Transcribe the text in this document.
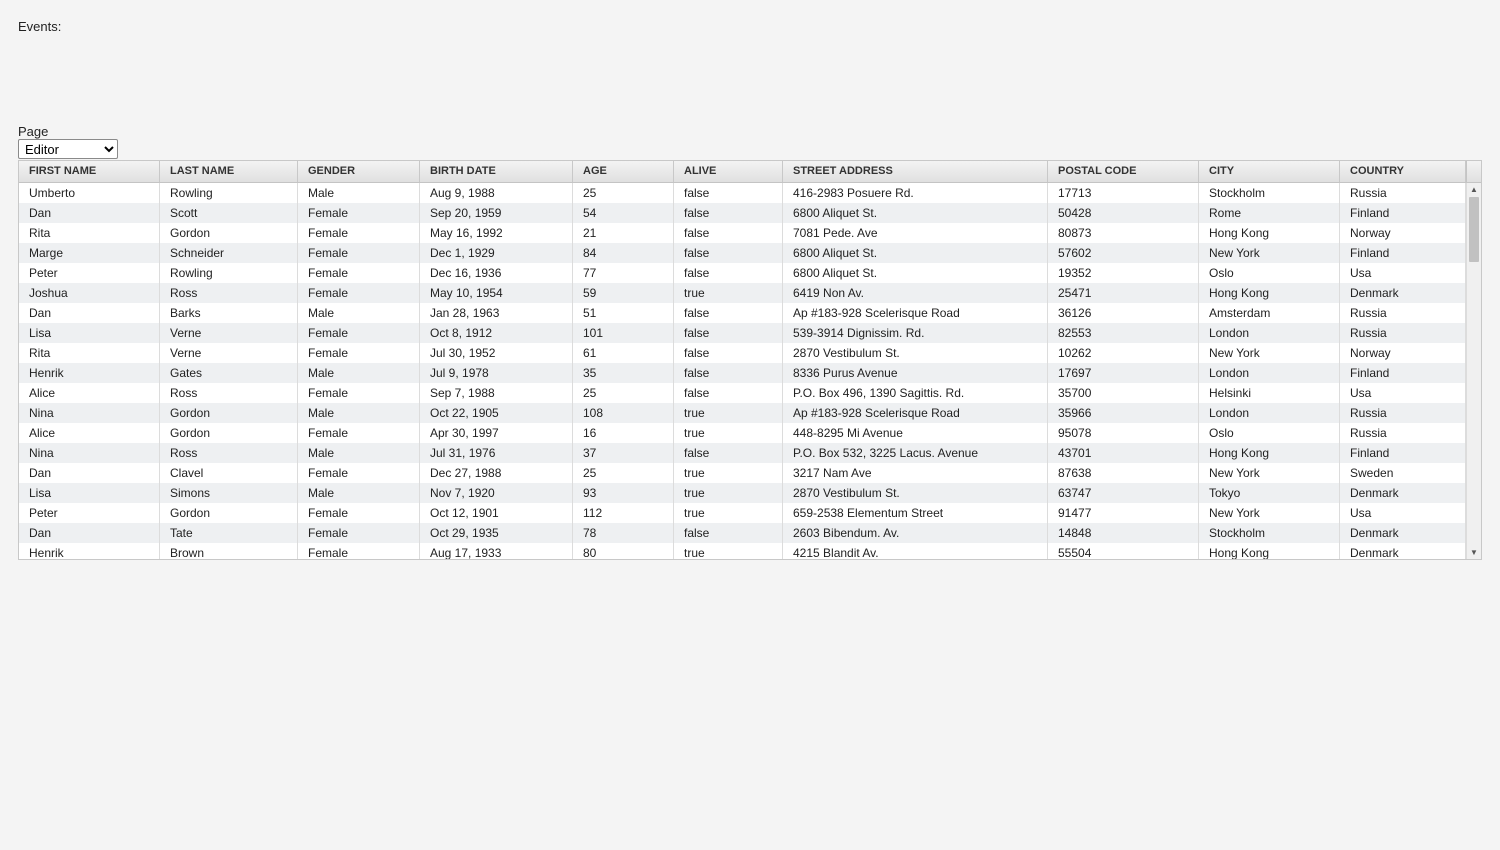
Events:
Page
Editor
FIRST NAME	LAST NAME	GENDER	BIRTH DATE	AGE	ALIVE	STREET ADDRESS	POSTAL CODE	CITY	COUNTRY
Umberto	Rowling	Male	Aug 9, 1988	25	false	416-2983 Posuere Rd.	17713	Stockholm	Russia
Dan	Scott	Female	Sep 20, 1959	54	false	6800 Aliquet St.	50428	Rome	Finland
Rita	Gordon	Female	May 16, 1992	21	false	7081 Pede. Ave	80873	Hong Kong	Norway
Marge	Schneider	Female	Dec 1, 1929	84	false	6800 Aliquet St.	57602	New York	Finland
Peter	Rowling	Female	Dec 16, 1936	77	false	6800 Aliquet St.	19352	Oslo	Usa
Joshua	Ross	Female	May 10, 1954	59	true	6419 Non Av.	25471	Hong Kong	Denmark
Dan	Barks	Male	Jan 28, 1963	51	false	Ap #183-928 Scelerisque Road	36126	Amsterdam	Russia
Lisa	Verne	Female	Oct 8, 1912	101	false	539-3914 Dignissim. Rd.	82553	London	Russia
Rita	Verne	Female	Jul 30, 1952	61	false	2870 Vestibulum St.	10262	New York	Norway
Henrik	Gates	Male	Jul 9, 1978	35	false	8336 Purus Avenue	17697	London	Finland
Alice	Ross	Female	Sep 7, 1988	25	false	P.O. Box 496, 1390 Sagittis. Rd.	35700	Helsinki	Usa
Nina	Gordon	Male	Oct 22, 1905	108	true	Ap #183-928 Scelerisque Road	35966	London	Russia
Alice	Gordon	Female	Apr 30, 1997	16	true	448-8295 Mi Avenue	95078	Oslo	Russia
Nina	Ross	Male	Jul 31, 1976	37	false	P.O. Box 532, 3225 Lacus. Avenue	43701	Hong Kong	Finland
Dan	Clavel	Female	Dec 27, 1988	25	true	3217 Nam Ave	87638	New York	Sweden
Lisa	Simons	Male	Nov 7, 1920	93	true	2870 Vestibulum St.	63747	Tokyo	Denmark
Peter	Gordon	Female	Oct 12, 1901	112	true	659-2538 Elementum Street	91477	New York	Usa
Dan	Tate	Female	Oct 29, 1935	78	false	2603 Bibendum. Av.	14848	Stockholm	Denmark
Henrik	Brown	Female	Aug 17, 1933	80	true	4215 Blandit Av.	55504	Hong Kong	Denmark
▲
▼
